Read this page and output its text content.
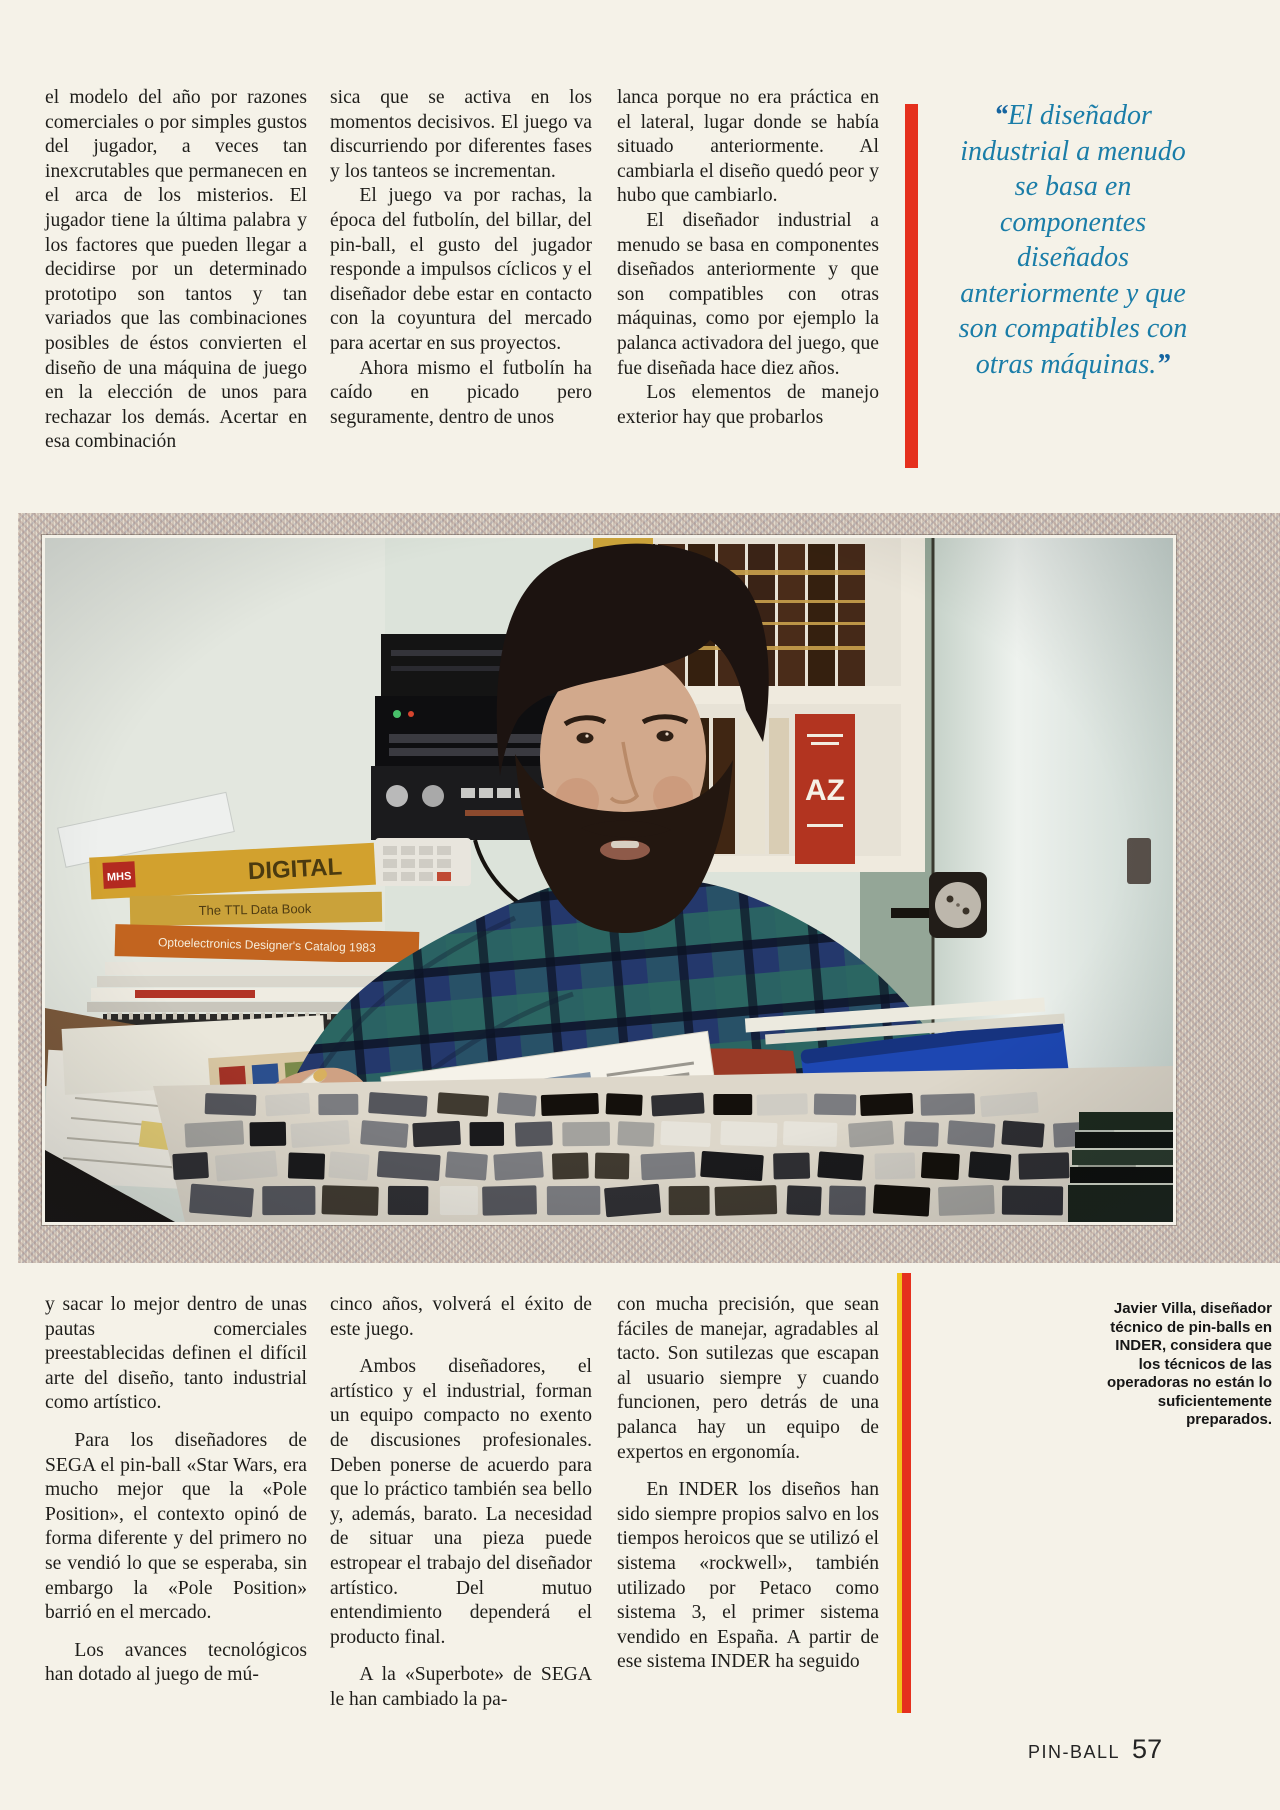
el modelo del año por razones comerciales o por simples gustos del jugador, a veces tan inexcrutables que permanecen en el arca de los misterios. El jugador tiene la última palabra y los factores que pueden llegar a decidirse por un determinado prototipo son tantos y tan variados que las combinaciones posibles de éstos convierten el diseño de una máquina de juego en la elección de unos para rechazar los demás. Acertar en esa combinación

sica que se activa en los momentos decisivos. El juego va discurriendo por diferentes fases y los tanteos se incrementan.

El juego va por rachas, la época del futbolín, del billar, del pin-ball, el gusto del jugador responde a impulsos cíclicos y el diseñador debe estar en contacto con la coyuntura del mercado para acertar en sus proyectos.

Ahora mismo el futbolín ha caído en picado pero seguramente, dentro de unos

lanca porque no era práctica en el lateral, lugar donde se había situado anteriormente. Al cambiarla el diseño quedó peor y hubo que cambiarlo.

El diseñador industrial a menudo se basa en componentes diseñados anteriormente y que son compatibles con otras máquinas, como por ejemplo la palanca activadora del juego, que fue diseñada hace diez años.

Los elementos de manejo exterior hay que probarlos

“El diseñador industrial a menudo se basa en componentes diseñados anteriormente y que son compatibles con otras máquinas.”

y sacar lo mejor dentro de unas pautas comerciales preestablecidas definen el difícil arte del diseño, tanto industrial como artístico.

Para los diseñadores de SEGA el pin-ball «Star Wars, era mucho mejor que la «Pole Position», el contexto opinó de forma diferente y del primero no se vendió lo que se esperaba, sin embargo la «Pole Position» barrió en el mercado.

Los avances tecnológicos han dotado al juego de mú-

cinco años, volverá el éxito de este juego.

Ambos diseñadores, el artístico y el industrial, forman un equipo compacto no exento de discusiones profesionales. Deben ponerse de acuerdo para que lo práctico también sea bello y, además, barato. La necesidad de situar una pieza puede estropear el trabajo del diseñador artístico. Del mutuo entendimiento dependerá el producto final.

A la «Superbote» de SEGA le han cambiado la pa-

con mucha precisión, que sean fáciles de manejar, agradables al tacto. Son sutilezas que escapan al usuario siempre y cuando funcionen, pero detrás de una palanca hay un equipo de expertos en ergonomía.

En INDER los diseños han sido siempre propios salvo en los tiempos heroicos que se utilizó el sistema «rockwell», también utilizado por Petaco como sistema 3, el primer sistema vendido en España. A partir de ese sistema INDER ha seguido

Javier Villa, diseñador técnico de pin-balls en INDER, considera que los técnicos de las operadoras no están lo suficientemente preparados.
PIN-BALL 57
